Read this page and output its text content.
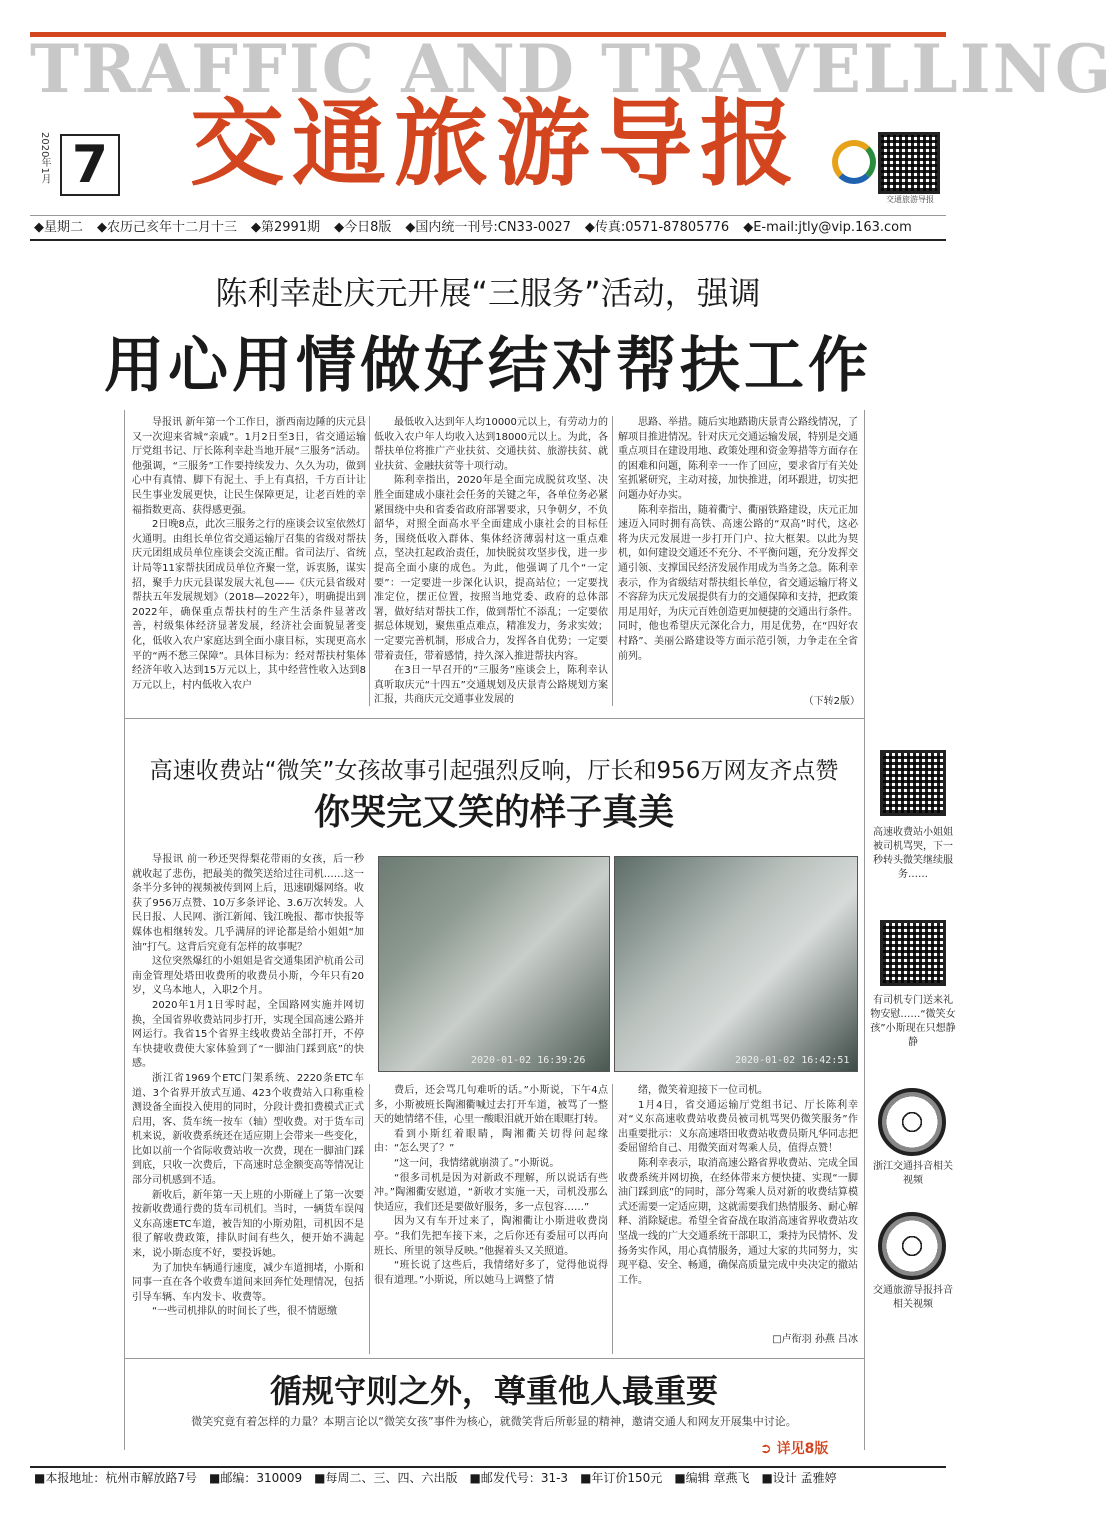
TRAFFIC AND TRAVELLING
2020年1月 7 交通旅游导报
交通旅游导报
◆星期二 ◆农历己亥年十二月十三 ◆第2991期 ◆今日8版 ◆国内统一刊号:CN33-0027 ◆传真:0571-87805776 ◆E-mail:jtly@vip.163.com
陈利幸赴庆元开展“三服务”活动，强调
用心用情做好结对帮扶工作

导报讯 新年第一个工作日，浙西南边陲的庆元县又一次迎来省城“亲戚”。1月2日至3日，省交通运输厅党组书记、厅长陈利幸赴当地开展“三服务”活动。他强调，“三服务”工作要持续发力、久久为功，做到心中有真情、脚下有泥土、手上有真招，千方百计让民生事业发展更快，让民生保障更足，让老百姓的幸福指数更高、获得感更强。

2日晚8点，此次三服务之行的座谈会议室依然灯火通明。由组长单位省交通运输厅召集的省级对帮扶庆元团组成员单位座谈会交流正酣。省司法厅、省统计局等11家帮扶团成员单位齐聚一堂，诉衷肠，谋实招，聚手力庆元县谋发展大礼包——《庆元县省级对帮扶五年发展规划》（2018—2022年），明确提出到2022年，确保重点帮扶村的生产生活条件显著改善，村级集体经济显著发展，经济社会面貌显著变化，低收入农户家庭达到全面小康目标，实现更高水平的“两不愁三保障”。具体目标为：经对帮扶村集体经济年收入达到15万元以上，其中经营性收入达到8万元以上，村内低收入农户

最低收入达到年人均10000元以上，有劳动力的低收入农户年人均收入达到18000元以上。为此，各帮扶单位将推广产业扶贫、交通扶贫、旅游扶贫、就业扶贫、金融扶贫等十项行动。

陈利幸指出，2020年是全面完成脱贫攻坚、决胜全面建成小康社会任务的关键之年，各单位务必紧紧围绕中央和省委省政府部署要求，只争朝夕，不负韶华，对照全面高水平全面建成小康社会的目标任务，围绕低收入群体、集体经济薄弱村这一重点难点，坚决扛起政治责任，加快脱贫攻坚步伐，进一步提高全面小康的成色。为此，他强调了几个“一定要”：一定要进一步深化认识，提高站位；一定要找准定位，摆正位置，按照当地党委、政府的总体部署，做好结对帮扶工作，做到帮忙不添乱；一定要依据总体规划，聚焦重点难点，精准发力，务求实效；一定要完善机制，形成合力，发挥各自优势；一定要带着责任，带着感情，持久深入推进帮扶内容。

在3日一早召开的“三服务”座谈会上，陈利幸认真听取庆元“十四五”交通规划及庆景青公路规划方案汇报，共商庆元交通事业发展的

思路、举措。随后实地踏勘庆景青公路线情况，了解项目推进情况。针对庆元交通运输发展，特别是交通重点项目在建设用地、政策处理和资金筹措等方面存在的困难和问题，陈利幸一一作了回应，要求省厅有关处室抓紧研究，主动对接，加快推进，闭环跟进，切实把问题办好办实。

陈利幸指出，随着衢宁、衢丽铁路建设，庆元正加速迈入同时拥有高铁、高速公路的“双高”时代，这必将为庆元发展进一步打开门户、拉大框架。以此为契机，如何建设交通还不充分、不平衡问题，充分发挥交通引领、支撑国民经济发展作用成为当务之急。陈利幸表示，作为省级结对帮扶组长单位，省交通运输厅将义不容辞为庆元发展提供有力的交通保障和支持，把政策用足用好，为庆元百姓创造更加便捷的交通出行条件。同时，他也希望庆元深化合力，用足优势，在“四好农村路”、美丽公路建设等方面示范引领，力争走在全省前列。

（下转2版）
高速收费站“微笑”女孩故事引起强烈反响，厅长和956万网友齐点赞
你哭完又笑的样子真美

导报讯 前一秒还哭得梨花带雨的女孩，后一秒就收起了悲伤，把最美的微笑送给过往司机……这一条半分多钟的视频被传到网上后，迅速刷爆网络。收获了956万点赞、10万多条评论、3.6万次转发。人民日报、人民网、浙江新闻、钱江晚报、都市快报等媒体也相继转发。几乎满屏的评论都是给小姐姐“加油”打气。这背后究竟有怎样的故事呢？

这位突然爆红的小姐姐是省交通集团沪杭甬公司南金管理处塔田收费所的收费员小斯，今年只有20岁，义乌本地人，入职2个月。

2020年1月1日零时起，全国路网实施并网切换，全国省界收费站同步打开，实现全国高速公路并网运行。我省15个省界主线收费站全部打开，不停车快捷收费使大家体验到了“一脚油门踩到底”的快感。

浙江省1969个ETC门架系统、2220条ETC车道、3个省界开放式互通、423个收费站入口称重检测设备全面投入使用的同时，分段计费扣费模式正式启用，客、货车统一按车（轴）型收费。对于货车司机来说，新收费系统还在适应期上会带来一些变化，比如以前一个省际收费站收一次费，现在一脚油门踩到底，只收一次费后，下高速时总金额变高等情况让部分司机感到不适。

新收后，新年第一天上班的小斯碰上了第一次要按新收费通行费的货车司机们。当时，一辆货车误闯义东高速ETC车道，被告知的小斯劝阻，司机因不是很了解收费政策，排队时间有些久，便开始不满起来，说小斯态度不好，要投诉她。

为了加快车辆通行速度，减少车道拥堵，小斯和同事一直在各个收费车道间来回奔忙处理情况，包括引导车辆、车内发卡、收费等。

“一些司机排队的时间长了些，很不情愿缴

2020-01-02 16:39:26	2020-01-02 16:42:51

费后，还会骂几句难听的话。”小斯说，下午4点多，小斯被班长陶湘衢喊过去打开车道，被骂了一整天的她情绪不佳，心里一酸眼泪就开始在眼眶打转。

看到小斯红着眼睛，陶湘衢关切得问起缘由：“怎么哭了？”

“这一问，我情绪就崩溃了。”小斯说。

“很多司机是因为对新政不理解，所以说话有些冲。”陶湘衢安慰道，“新收才实施一天，司机没那么快适应，我们还是要做好服务，多一点包容……”

因为又有车开过来了，陶湘衢让小斯进收费岗亭。“我们先把车接下来，之后你还有委屈可以再向班长、所里的领导反映。”他握着头又关照道。

“班长说了这些后，我情绪好多了，觉得他说得很有道理。”小斯说，所以她马上调整了情

绪，微笑着迎接下一位司机。

1月4日，省交通运输厅党组书记、厅长陈利幸对“义东高速收费站收费员被司机骂哭仍微笑服务”作出重要批示：义东高速塔田收费站收费员斯凡华同志把委屈留给自己、用微笑面对驾乘人员，值得点赞！

陈利幸表示，取消高速公路省界收费站、完成全国收费系统并网切换，在经体带来方便快捷、实现“一脚油门踩到底”的同时，部分驾乘人员对新的收费结算模式还需要一定适应期，这就需要我们热情服务、耐心解释、消除疑虑。希望全省奋战在取消高速省界收费站攻坚战一线的广大交通系统干部职工，秉持为民情怀、发扬务实作风，用心真情服务，通过大家的共同努力，实现平稳、安全、畅通，确保高质量完成中央决定的撤站工作。

□卢衔羽 孙燕 吕冰
高速收费站小姐姐被司机骂哭，下一秒转头微笑继续服务……
有司机专门送来礼物安慰……“微笑女孩”小斯现在只想静静
浙江交通抖音相关视频
交通旅游导报抖音相关视频
循规守则之外，尊重他人最重要
微笑究竟有着怎样的力量？本期言论以“微笑女孩”事件为核心，就微笑背后所彰显的精神，邀请交通人和网友开展集中讨论。
➲ 详见8版
■本报地址：杭州市解放路7号 ■邮编：310009 ■每周二、三、四、六出版 ■邮发代号：31-3 ■年订价150元 ■编辑 章燕飞 ■设计 孟雅婷
